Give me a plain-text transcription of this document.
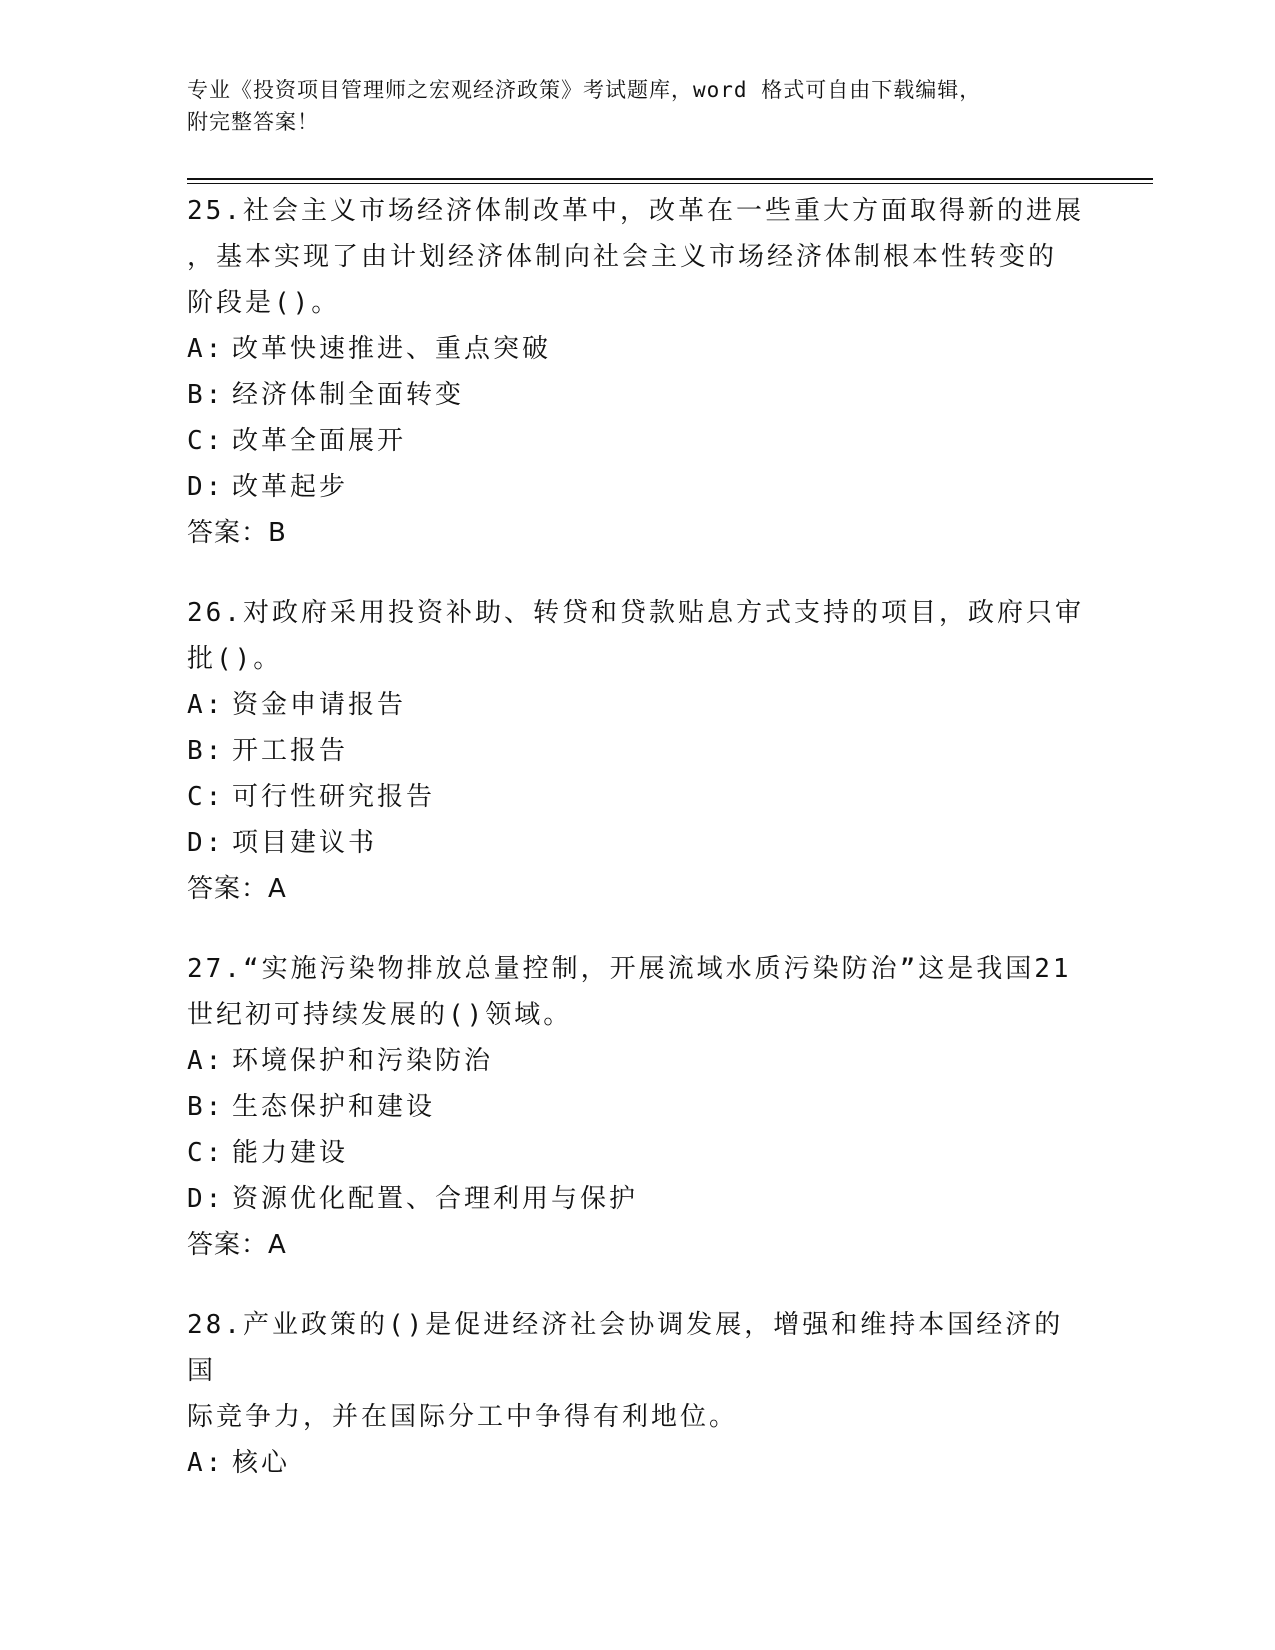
专业《投资项目管理师之宏观经济政策》考试题库，word 格式可自由下载编辑，
附完整答案！

25.社会主义市场经济体制改革中，改革在一些重大方面取得新的进展

，基本实现了由计划经济体制向社会主义市场经济体制根本性转变的

阶段是()。

A: 改革快速推进、重点突破

B: 经济体制全面转变

C: 改革全面展开

D: 改革起步

答案：B

26.对政府采用投资补助、转贷和贷款贴息方式支持的项目，政府只审

批()。

A: 资金申请报告

B: 开工报告

C: 可行性研究报告

D: 项目建议书

答案：A

27.“实施污染物排放总量控制，开展流域水质污染防治”这是我国21

世纪初可持续发展的()领域。

A: 环境保护和污染防治

B: 生态保护和建设

C: 能力建设

D: 资源优化配置、合理利用与保护

答案：A

28.产业政策的()是促进经济社会协调发展，增强和维持本国经济的国

际竞争力，并在国际分工中争得有利地位。

A: 核心
